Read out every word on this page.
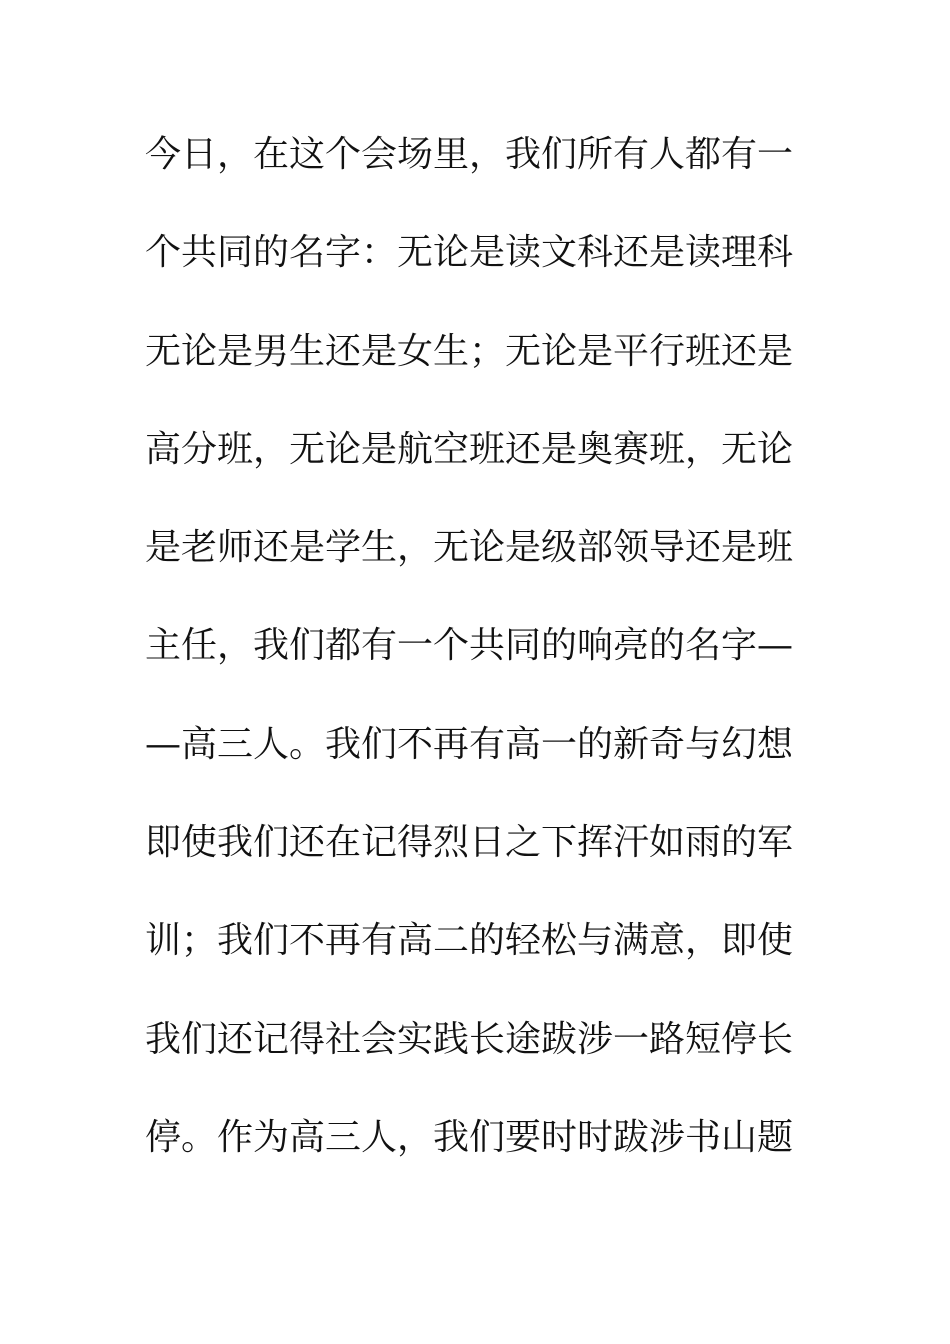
今日，在这个会场里，我们所有人都有一
个共同的名字：无论是读文科还是读理科
无论是男生还是女生；无论是平行班还是
高分班，无论是航空班还是奥赛班，无论
是老师还是学生，无论是级部领导还是班
主任，我们都有一个共同的响亮的名字—
—高三人。我们不再有高一的新奇与幻想
即使我们还在记得烈日之下挥汗如雨的军
训；我们不再有高二的轻松与满意，即使
我们还记得社会实践长途跋涉一路短停长
停。作为高三人，我们要时时跋涉书山题
